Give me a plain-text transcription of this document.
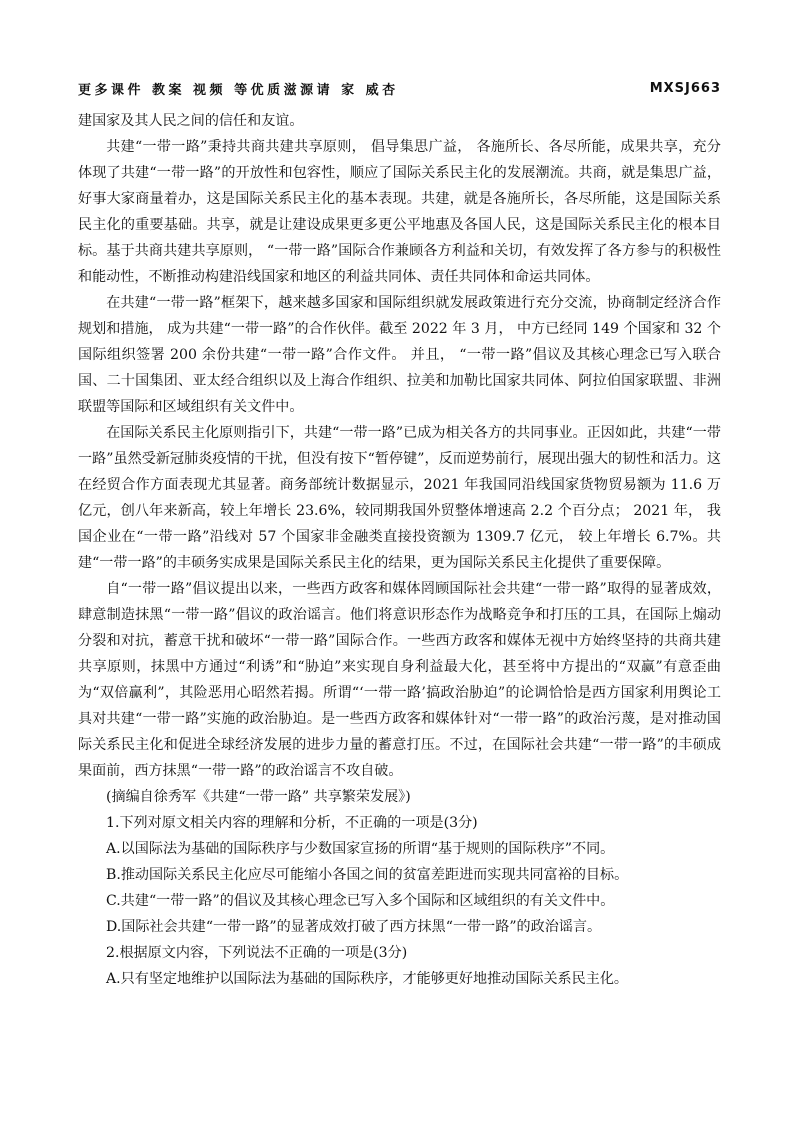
更多课件 教案 视频 等优质滋源请 家 威杏	MXSJ663

建国家及其人民之间的信任和友谊。

共建“一带一路”秉持共商共建共享原则， 倡导集思广益， 各施所长、各尽所能，成果共享，充分体现了共建“一带一路”的开放性和包容性，顺应了国际关系民主化的发展潮流。共商，就是集思广益，好事大家商量着办，这是国际关系民主化的基本表现。共建，就是各施所长，各尽所能，这是国际关系民主化的重要基础。共享，就是让建设成果更多更公平地惠及各国人民，这是国际关系民主化的根本目标。基于共商共建共享原则， “一带一路”国际合作兼顾各方利益和关切，有效发挥了各方参与的积极性和能动性，不断推动构建沿线国家和地区的利益共同体、责任共同体和命运共同体。

在共建“一带一路”框架下，越来越多国家和国际组织就发展政策进行充分交流，协商制定经济合作规划和措施， 成为共建“一带一路”的合作伙伴。截至 2022 年 3 月， 中方已经同 149 个国家和 32 个国际组织签署 200 余份共建“一带一路”合作文件。 并且， “一带一路”倡议及其核心理念已写入联合国、二十国集团、亚太经合组织以及上海合作组织、拉美和加勒比国家共同体、阿拉伯国家联盟、非洲联盟等国际和区域组织有关文件中。

在国际关系民主化原则指引下，共建“一带一路”已成为相关各方的共同事业。正因如此，共建“一带一路”虽然受新冠肺炎疫情的干扰，但没有按下“暂停键”，反而逆势前行，展现出强大的韧性和活力。这在经贸合作方面表现尤其显著。商务部统计数据显示，2021 年我国同沿线国家货物贸易额为 11.6 万亿元，创八年来新高，较上年增长 23.6%，较同期我国外贸整体增速高 2.2 个百分点； 2021 年， 我国企业在“一带一路”沿线对 57 个国家非金融类直接投资额为 1309.7 亿元， 较上年增长 6.7%。共建“一带一路”的丰硕务实成果是国际关系民主化的结果，更为国际关系民主化提供了重要保障。

自“一带一路”倡议提出以来，一些西方政客和媒体罔顾国际社会共建“一带一路”取得的显著成效，肆意制造抹黑“一带一路”倡议的政治谣言。他们将意识形态作为战略竞争和打压的工具，在国际上煽动分裂和对抗，蓄意干扰和破坏“一带一路”国际合作。一些西方政客和媒体无视中方始终坚持的共商共建共享原则，抹黑中方通过“利诱”和“胁迫”来实现自身利益最大化，甚至将中方提出的“双赢”有意歪曲为“双倍赢利”，其险恶用心昭然若揭。所谓“‘一带一路’搞政治胁迫”的论调恰恰是西方国家利用舆论工具对共建“一带一路”实施的政治胁迫。是一些西方政客和媒体针对“一带一路”的政治污蔑，是对推动国际关系民主化和促进全球经济发展的进步力量的蓄意打压。不过，在国际社会共建“一带一路”的丰硕成果面前，西方抹黑“一带一路”的政治谣言不攻自破。

(摘编自徐秀军《共建“一带一路” 共享繁荣发展》)

1.下列对原文相关内容的理解和分析，不正确的一项是(3分)

A.以国际法为基础的国际秩序与少数国家宣扬的所谓“基于规则的国际秩序”不同。

B.推动国际关系民主化应尽可能缩小各国之间的贫富差距进而实现共同富裕的目标。

C.共建“一带一路”的倡议及其核心理念已写入多个国际和区域组织的有关文件中。

D.国际社会共建“一带一路”的显著成效打破了西方抹黑“一带一路”的政治谣言。

2.根据原文内容，下列说法不正确的一项是(3分)

A.只有坚定地维护以国际法为基础的国际秩序，才能够更好地推动国际关系民主化。
